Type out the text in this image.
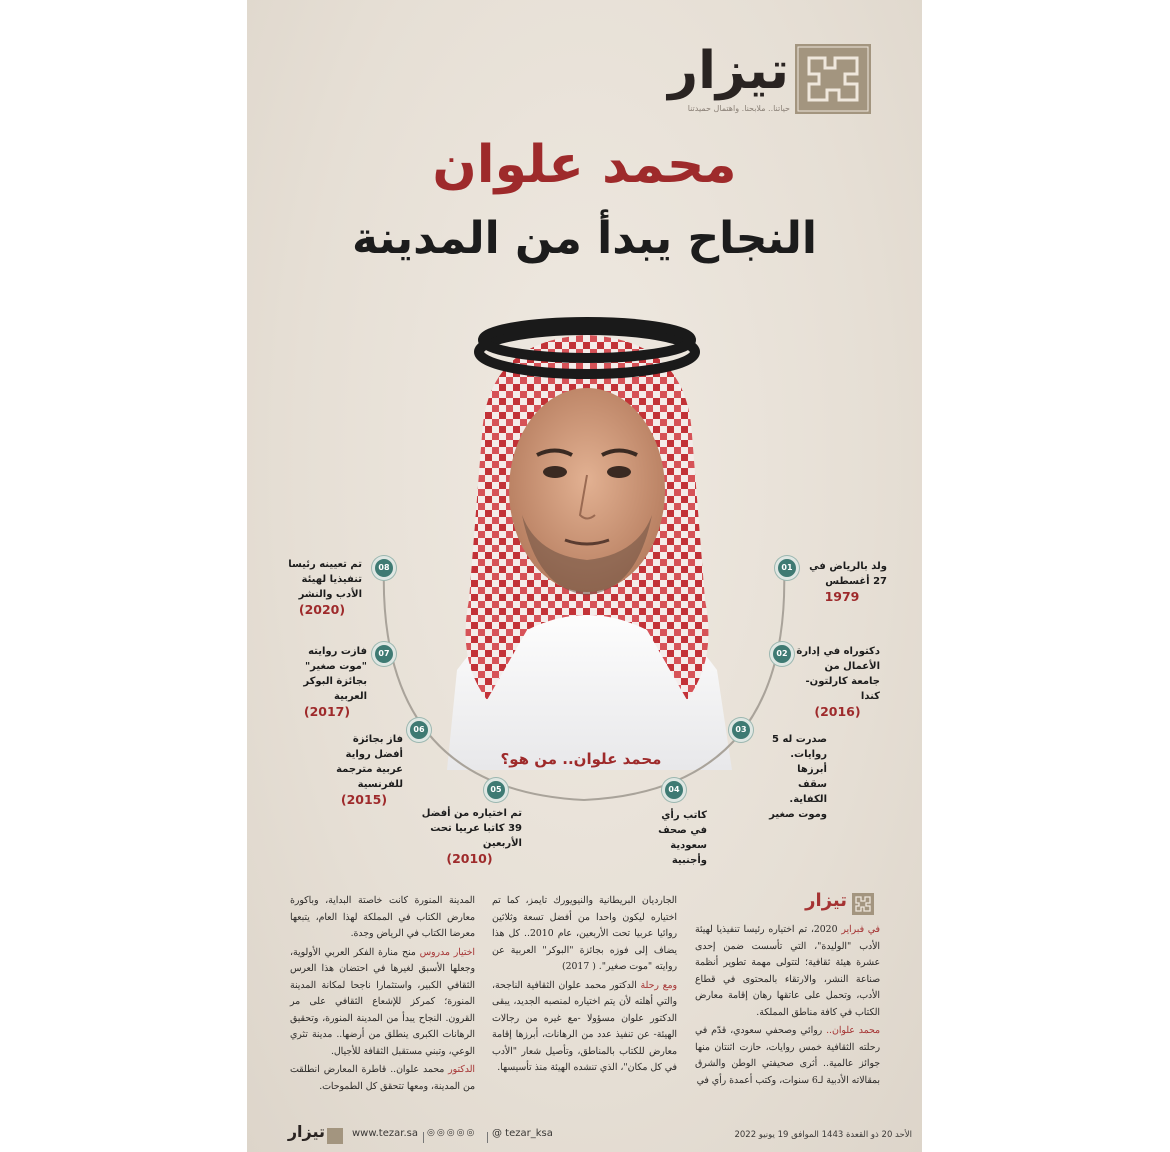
تيزار
حياتنا.. ملابحنا. واهتمال حميدتنا
محمد علوان
النجاح يبدأ من المدينة
محمد علوان.. من هو؟
01
02
03
04
05
06
07
08	ولد بالرياض في 27 أغسطس
1979
دكتوراه في إدارة الأعمال من جامعة كارلتون- كندا
(2016)
صدرت له 5 روايات. أبرزها سقف الكفاية. وموت صغير
كاتب رأي في صحف سعودية وأجنبية
تم اختياره من أفضل 39 كاتبا عربيا تحت الأربعين
(2010)
فاز بجائزة أفضل رواية عربية مترجمة للفرنسية
(2015)
فازت روايته "موت صغير" بجائزة البوكر العربية
(2017)
تم تعيينه رئيسا تنفيذيا لهيئة الأدب والنشر
(2020)
تيزار

في فبراير 2020، تم اختياره رئيسا تنفيذيا لهيئة الأدب "الوليدة"، التي تأسست ضمن إحدى عشرة هيئة ثقافية؛ لتتولى مهمة تطوير أنظمة صناعة النشر، والارتقاء بالمحتوى في قطاع الأدب، وتحمل على عاتقها رهان إقامة معارض الكتاب في كافة مناطق المملكة.

محمد علوان.. روائي وصحفي سعودي، قدّم في رحلته الثقافية خمس روايات، حازت اثنتان منها جوائز عالمية.. أثرى صحيفتي الوطن والشرق بمقالاته الأدبية لـ6 سنوات، وكتب أعمدة رأي في

الجارديان البريطانية والنيويورك تايمز، كما تم اختياره ليكون واحدا من أفضل تسعة وثلاثين روائيا عربيا تحت الأربعين، عام 2010.. كل هذا يضاف إلى فوزه بجائزة "البوكر" العربية عن روايته "موت صغير". ( 2017)

ومع رحلة الدكتور محمد علوان الثقافية الناجحة، والتي أهلته لأن يتم اختياره لمنصبه الجديد، يبقى الدكتور علوان مسؤولا -مع غيره من رجالات الهيئة- عن تنفيذ عدد من الرهانات، أبرزها إقامة معارض للكتاب بالمناطق، وتأصيل شعار "الأدب في كل مكان"، الذي تنشده الهيئة منذ تأسيسها.

المدينة المنورة كانت خاصتة البداية، وباكورة معارض الكتاب في المملكة لهذا العام، يتبعها معرضا الكتاب في الرياض وجدة.

اختيار مدروس منح منارة الفكر العربي الأولوية، وجعلها الأسبق لغيرها في احتضان هذا العرس الثقافي الكبير، واستثمارا ناجحا لمكانة المدينة المنورة؛ كمركز للإشعاع الثقافي على مر القرون. النجاح يبدأ من المدينة المنورة، وتحقيق الرهانات الكبرى ينطلق من أرضها.. مدينة تثري الوعي، وتبني مستقبل الثقافة للأجيال.

الدكتور محمد علوان.. قاطرة المعارض انطلقت من المدينة، ومعها تتحقق كل الطموحات.

الأحد 20 ذو القعدة 1443 الموافق 19 يونيو 2022
@ tezar_ksa
◎◎◎◎◎
www.tezar.sa
تيزار
